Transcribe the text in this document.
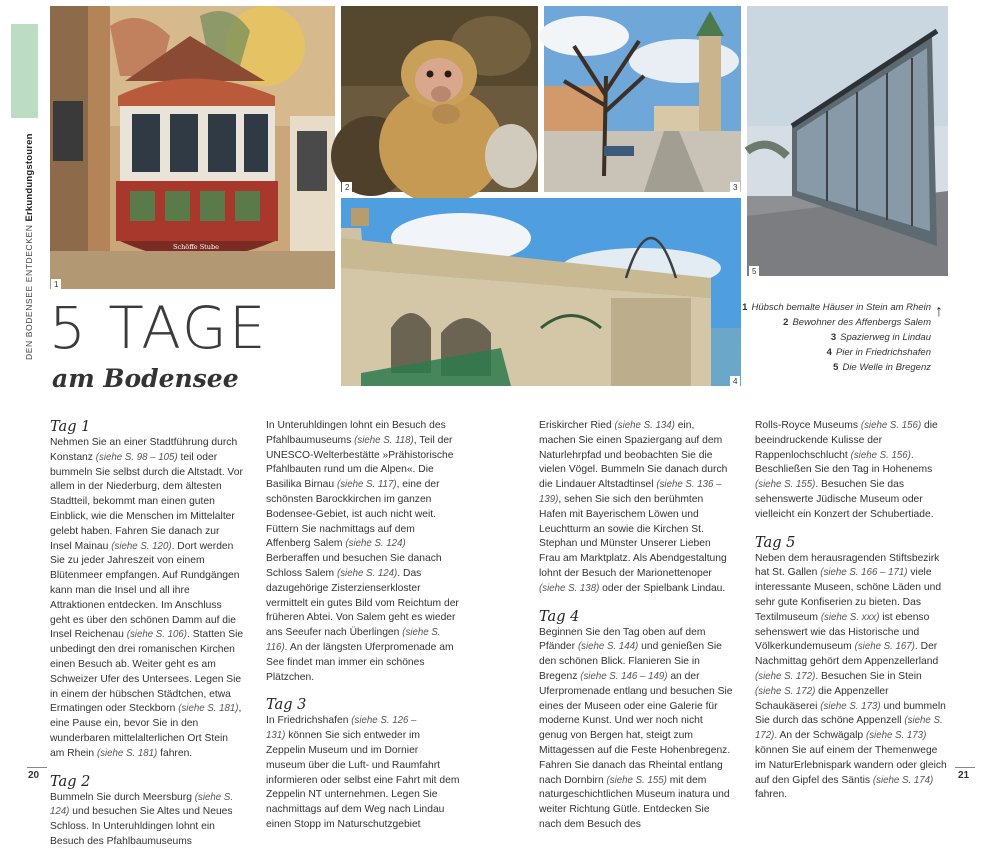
DEN BODENSEE ENTDECKEN Erkundungstouren
Schöffe Stube
1
2	3
5
4
5 TAGE
am Bodensee
1 Hübsch bemalte Häuser in Stein am Rhein
2 Bewohner des Affenbergs Salem
3 Spazierweg in Lindau
4 Pier in Friedrichshafen
5 Die Welle in Bregenz
↑
Tag 1

Nehmen Sie an einer Stadtführung durch Konstanz (siehe S. 98 – 105) teil oder bummeln Sie selbst durch die Altstadt. Vor allem in der Niederburg, dem ältesten Stadtteil, bekommt man einen guten Einblick, wie die Menschen im Mittelalter gelebt haben. Fahren Sie danach zur Insel Mainau (siehe S. 120). Dort werden Sie zu jeder Jahreszeit von einem Blütenmeer empfangen. Auf Rundgängen kann man die Insel und all ihre Attraktionen entdecken. Im Anschluss geht es über den schönen Damm auf die Insel Reichenau (siehe S. 106). Statten Sie unbedingt den drei romanischen Kirchen einen Besuch ab. Weiter geht es am Schweizer Ufer des Untersees. Legen Sie in einem der hübschen Städtchen, etwa Ermatingen oder Steckborn (siehe S. 181), eine Pause ein, bevor Sie in den wunderbaren mittelalterlichen Ort Stein am Rhein (siehe S. 181) fahren.

Tag 2

Bummeln Sie durch Meersburg (siehe S. 124) und besuchen Sie Altes und Neues Schloss. In Unteruhldingen lohnt ein Besuch des Pfahlbaumuseums

In Unteruhldingen lohnt ein Besuch des Pfahlbaumuseums (siehe S. 118), Teil der UNESCO-Welterbestätte »Prähistorische Pfahlbauten rund um die Alpen«. Die Basilika Birnau (siehe S. 117), eine der schönsten Barockkirchen im ganzen Bodensee-Gebiet, ist auch nicht weit. Füttern Sie nachmittags auf dem Affenberg Salem (siehe S. 124) Berberaffen und besuchen Sie danach Schloss Salem (siehe S. 124). Das dazugehörige Zisterzienserkloster vermittelt ein gutes Bild vom Reichtum der früheren Abtei. Von Salem geht es wieder ans Seeufer nach Überlingen (siehe S. 116). An der längsten Uferpromenade am See findet man immer ein schönes Plätzchen.

Tag 3

In Friedrichshafen (siehe S. 126 – 131) können Sie sich entweder im Zeppelin Museum und im Dornier museum über die Luft- und Raumfahrt informieren oder selbst eine Fahrt mit dem Zeppelin NT unternehmen. Legen Sie nachmittags auf dem Weg nach Lindau einen Stopp im Naturschutzgebiet

Eriskircher Ried (siehe S. 134) ein, machen Sie einen Spaziergang auf dem Naturlehrpfad und beobachten Sie die vielen Vögel. Bummeln Sie danach durch die Lindauer Altstadtinsel (siehe S. 136 – 139), sehen Sie sich den berühmten Hafen mit Bayerischem Löwen und Leuchtturm an sowie die Kirchen St. Stephan und Münster Unserer Lieben Frau am Marktplatz. Als Abendgestaltung lohnt der Besuch der Marionettenoper (siehe S. 138) oder der Spielbank Lindau.

Tag 4

Beginnen Sie den Tag oben auf dem Pfänder (siehe S. 144) und genießen Sie den schönen Blick. Flanieren Sie in Bregenz (siehe S. 146 – 149) an der Uferpromenade entlang und besuchen Sie eines der Museen oder eine Galerie für moderne Kunst. Und wer noch nicht genug von Bergen hat, steigt zum Mittagessen auf die Feste Hohenbregenz. Fahren Sie danach das Rheintal entlang nach Dornbirn (siehe S. 155) mit dem naturgeschichtlichen Museum inatura und weiter Richtung Gütle. Entdecken Sie nach dem Besuch des

Rolls-Royce Museums (siehe S. 156) die beeindruckende Kulisse der Rappenlochschlucht (siehe S. 156). Beschließen Sie den Tag in Hohenems (siehe S. 155). Besuchen Sie das sehenswerte Jüdische Museum oder vielleicht ein Konzert der Schubertiade.

Tag 5

Neben dem herausragenden Stiftsbezirk hat St. Gallen (siehe S. 166 – 171) viele interessante Museen, schöne Läden und sehr gute Konfiserien zu bieten. Das Textilmuseum (siehe S. xxx) ist ebenso sehenswert wie das Historische und Völkerkundemuseum (siehe S. 167). Der Nachmittag gehört dem Appenzellerland (siehe S. 172). Besuchen Sie in Stein (siehe S. 172) die Appenzeller Schaukäserei (siehe S. 173) und bummeln Sie durch das schöne Appenzell (siehe S. 172). An der Schwägalp (siehe S. 173) können Sie auf einem der Themenwege im NaturErlebnispark wandern oder gleich auf den Gipfel des Säntis (siehe S. 174) fahren.

20	21
